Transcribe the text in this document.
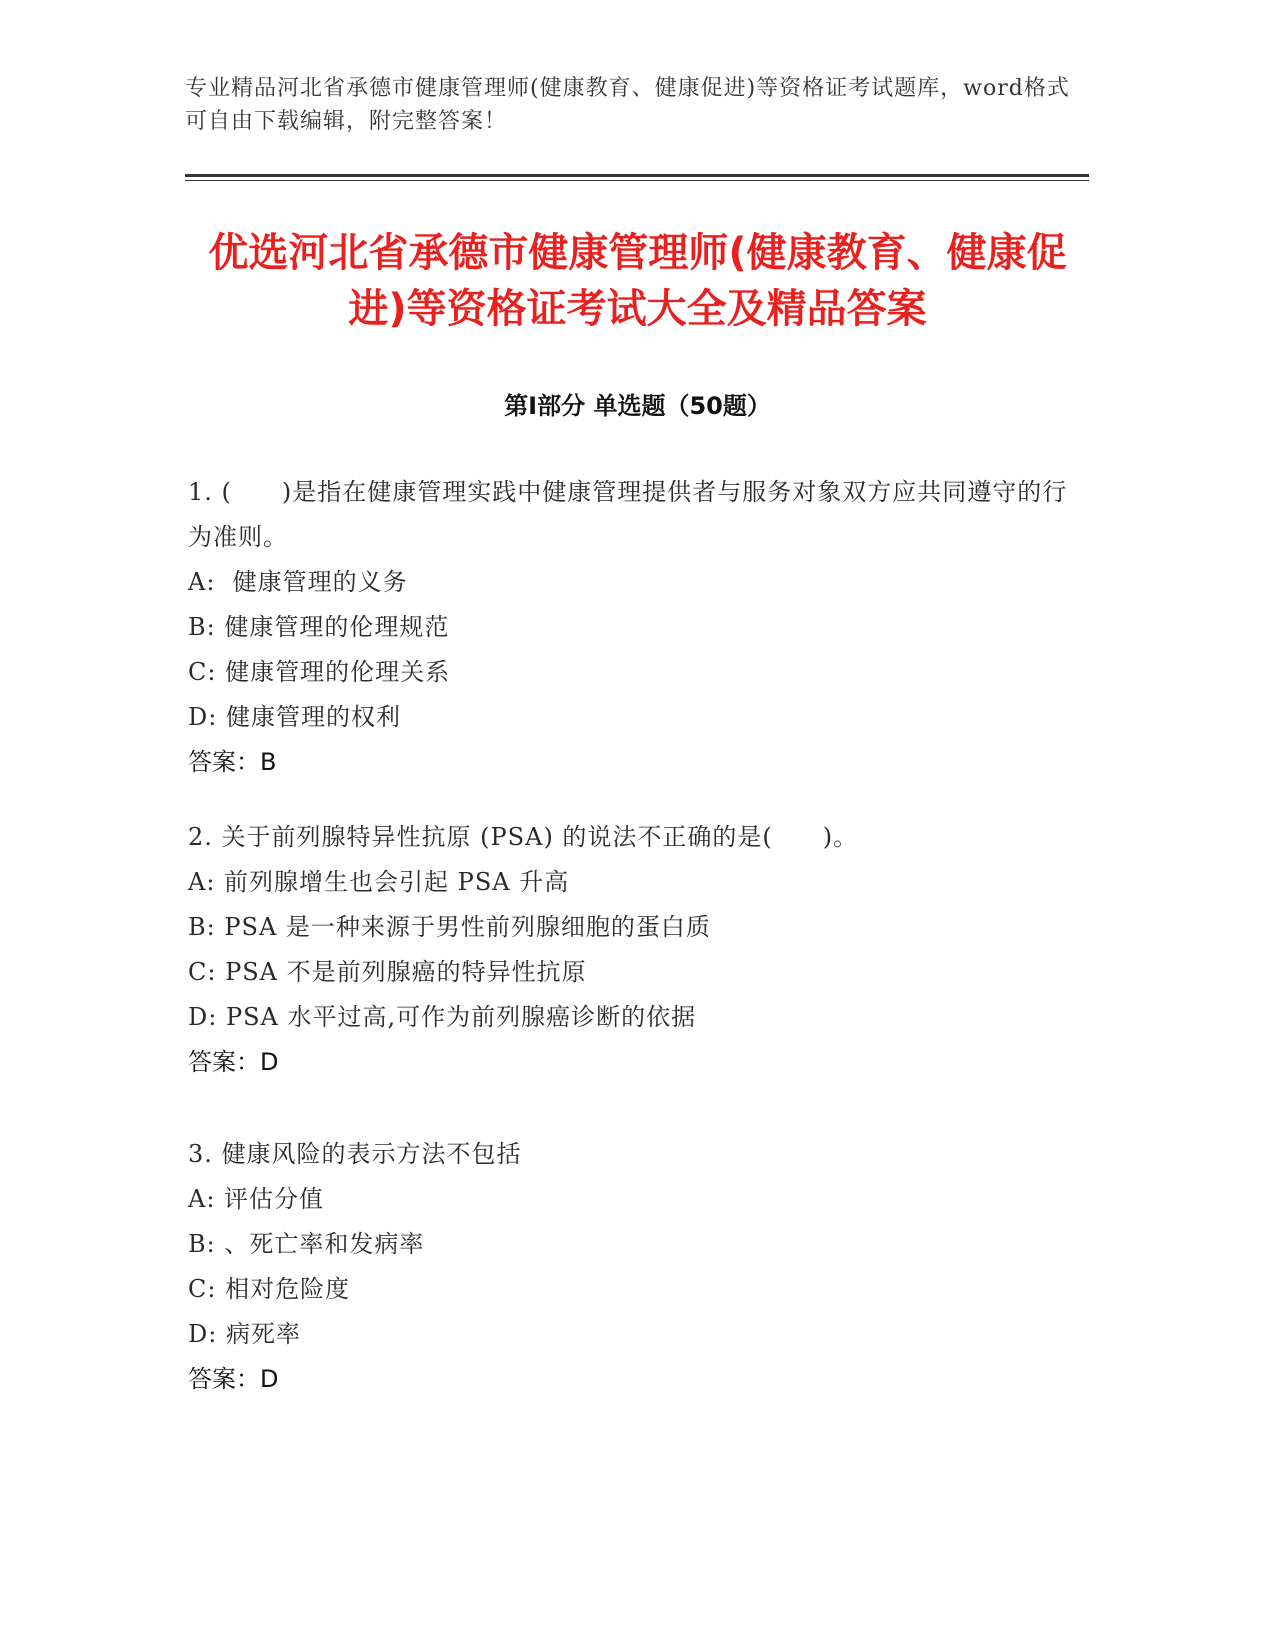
专业精品河北省承德市健康管理师(健康教育、健康促进)等资格证考试题库，word格式可自由下载编辑，附完整答案！
优选河北省承德市健康管理师(健康教育、健康促进)等资格证考试大全及精品答案
第Ⅰ部分 单选题（50题）

1. (　　)是指在健康管理实践中健康管理提供者与服务对象双方应共同遵守的行为准则。

A:  健康管理的义务

B: 健康管理的伦理规范

C: 健康管理的伦理关系

D: 健康管理的权利

答案：B

2. 关于前列腺特异性抗原 (PSA) 的说法不正确的是(　　)。

A: 前列腺增生也会引起 PSA 升高

B: PSA 是一种来源于男性前列腺细胞的蛋白质

C: PSA 不是前列腺癌的特异性抗原

D: PSA 水平过高,可作为前列腺癌诊断的依据

答案：D

3. 健康风险的表示方法不包括

A: 评估分值

B: 、死亡率和发病率

C: 相对危险度

D: 病死率

答案：D
